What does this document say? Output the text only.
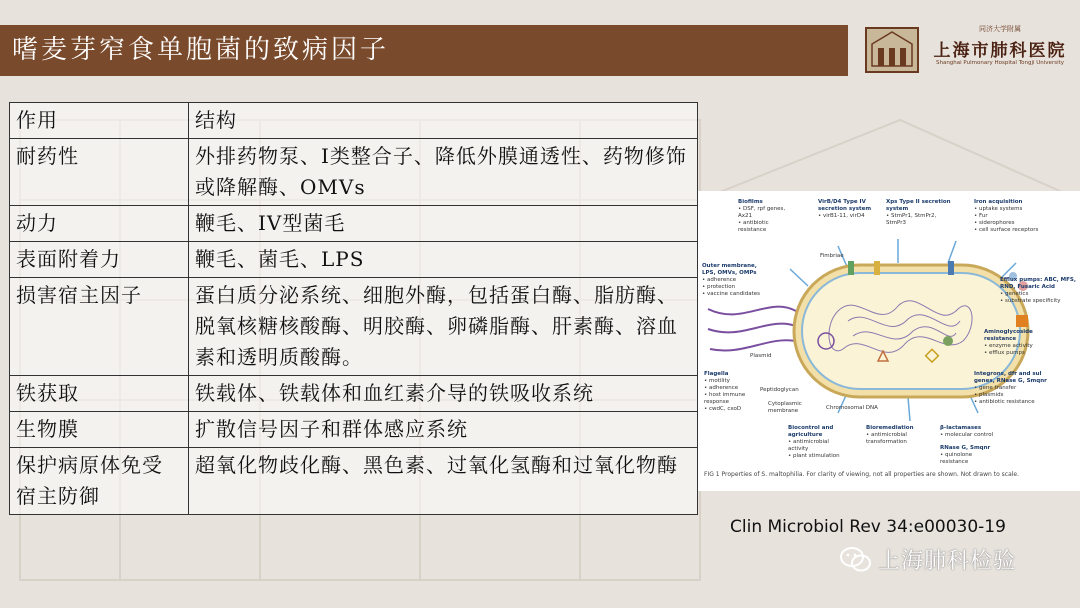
嗜麦芽窄食单胞菌的致病因子
同济大学附属
上海市肺科医院
Shanghai Pulmonary Hospital Tongji University
作用	结构
耐药性	外排药物泵、I类整合子、降低外膜通透性、药物修饰或降解酶、OMVs
动力	鞭毛、IV型菌毛
表面附着力	鞭毛、菌毛、LPS
损害宿主因子	蛋白质分泌系统、细胞外酶，包括蛋白酶、脂肪酶、脱氧核糖核酸酶、明胶酶、卵磷脂酶、肝素酶、溶血素和透明质酸酶。
铁获取	铁载体、铁载体和血红素介导的铁吸收系统
生物膜	扩散信号因子和群体感应系统
保护病原体免受宿主防御	超氧化物歧化酶、黑色素、过氧化氢酶和过氧化物酶
Outer membrane, LPS, OMVs, OMPs
• adherence
• protection
• vaccine candidates
Biofilms
• DSF, rpf genes, Ax21
• antibiotic resistance
VirB/D4 Type IV secretion system
• virB1-11, virD4
Xps Type II secretion system
• StmPr1, StmPr2, StmPr3
Iron acquisition
• uptake systems
• Fur
• siderophores
• cell surface receptors
Fimbriae
Efflux pumps: ABC, MFS, RND, Fusaric Acid
• genetics
• substrate specificity
Aminoglycoside resistance
• enzyme activity
• efflux pumps
Plasmid
Flagella
• motility
• adherence
• host immune response
• cwdC, cxoD
Peptidoglycan
Cytoplasmic membrane	Chromosomal DNA
Integrons, dfr and sul genes, RNase G, Smqnr
• gene transfer
• plasmids
• antibiotic resistance
Biocontrol and agriculture
• antimicrobial activity
• plant stimulation
Bioremediation
• antimicrobial transformation
β-lactamases
• molecular control
RNase G, Smqnr
• quinolone resistance
FIG 1 Properties of S. maltophilia. For clarity of viewing, not all properties are shown. Not drawn to scale.
Clin Microbiol Rev 34:e00030-19
上海肺科检验
